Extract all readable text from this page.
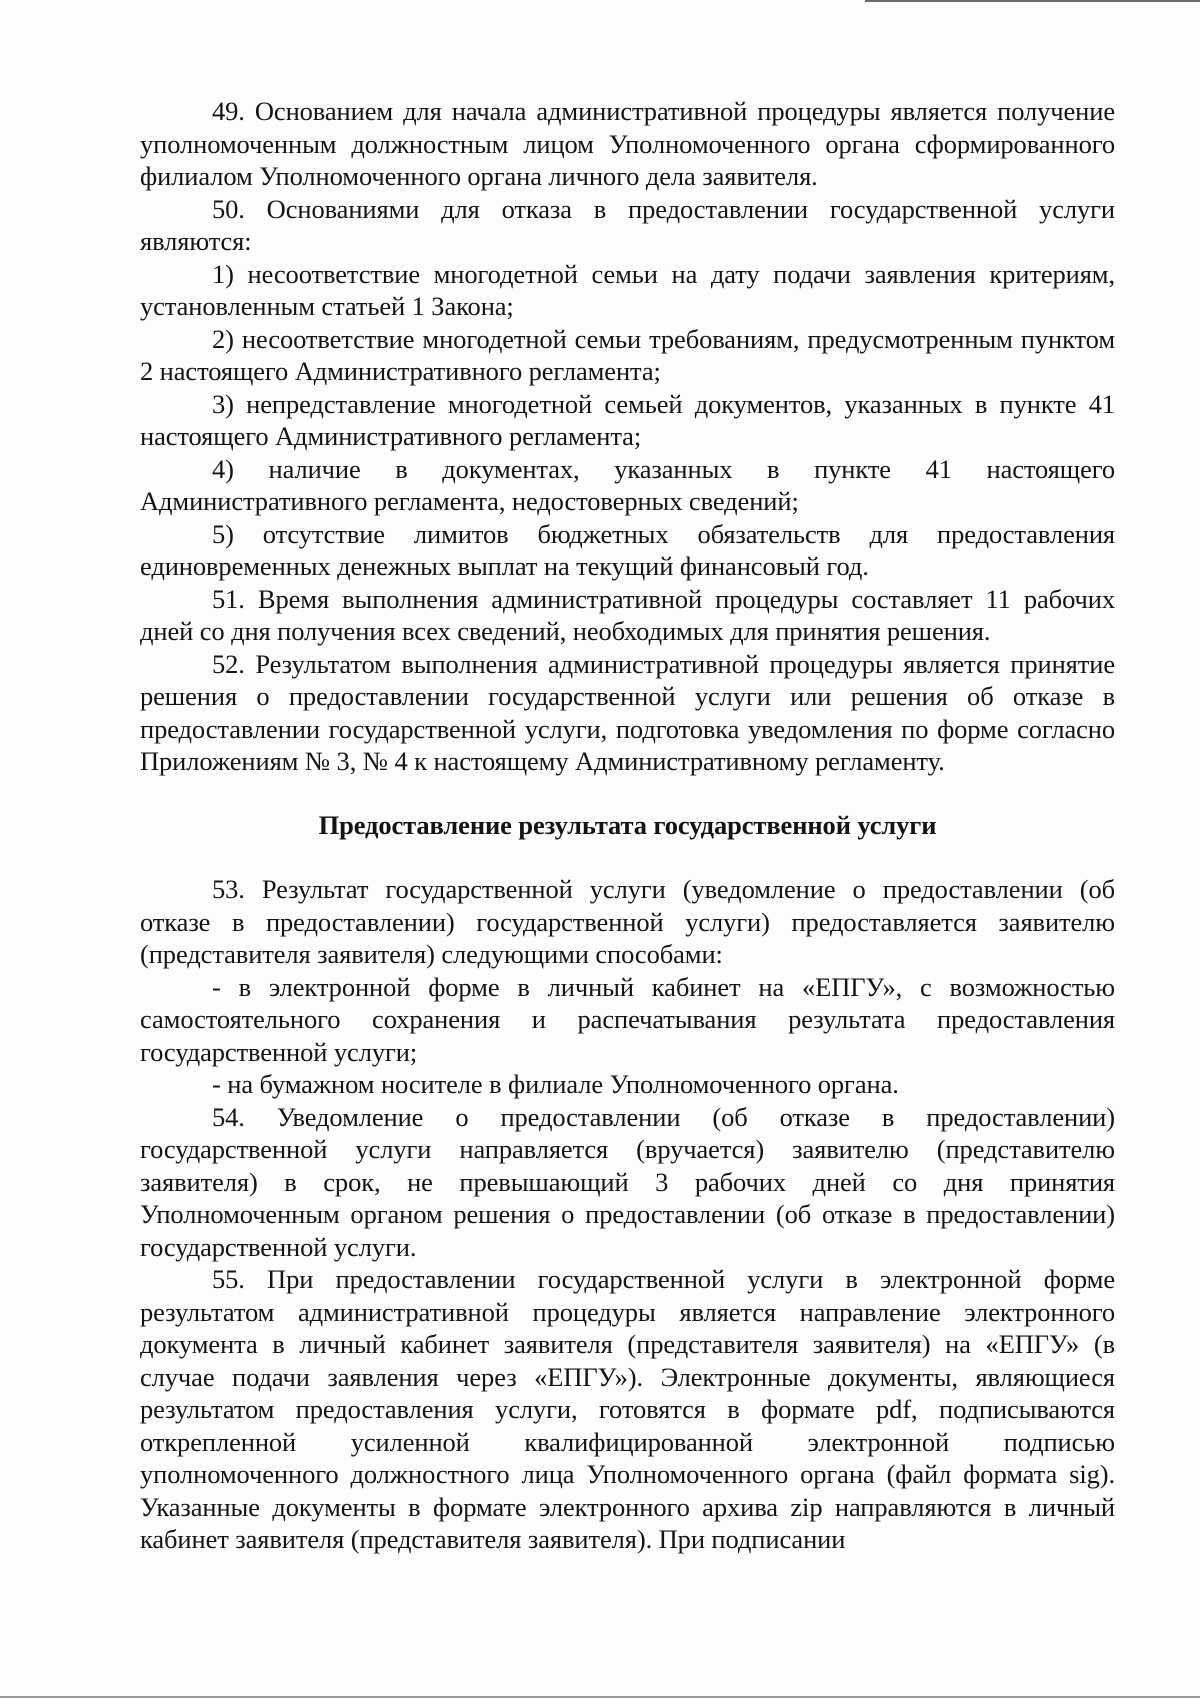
49. Основанием для начала административной процедуры является получение уполномоченным должностным лицом Уполномоченного органа сформированного филиалом Уполномоченного органа личного дела заявителя.

50. Основаниями для отказа в предоставлении государственной услуги являются:

1) несоответствие многодетной семьи на дату подачи заявления критериям, установленным статьей 1 Закона;

2) несоответствие многодетной семьи требованиям, предусмотренным пунктом 2 настоящего Административного регламента;

3) непредставление многодетной семьей документов, указанных в пункте 41 настоящего Административного регламента;

4) наличие в документах, указанных в пункте 41 настоящего Административного регламента, недостоверных сведений;

5) отсутствие лимитов бюджетных обязательств для предоставления единовременных денежных выплат на текущий финансовый год.

51. Время выполнения административной процедуры составляет 11 рабочих дней со дня получения всех сведений, необходимых для принятия решения.

52. Результатом выполнения административной процедуры является принятие решения о предоставлении государственной услуги или решения об отказе в предоставлении государственной услуги, подготовка уведомления по форме согласно Приложениям № 3, № 4 к настоящему Административному регламенту.

Предоставление результата государственной услуги

53. Результат государственной услуги (уведомление о предоставлении (об отказе в предоставлении) государственной услуги) предоставляется заявителю (представителя заявителя) следующими способами:

- в электронной форме в личный кабинет на «ЕПГУ», с возможностью самостоятельного сохранения и распечатывания результата предоставления государственной услуги;

- на бумажном носителе в филиале Уполномоченного органа.

54. Уведомление о предоставлении (об отказе в предоставлении) государственной услуги направляется (вручается) заявителю (представителю заявителя) в срок, не превышающий 3 рабочих дней со дня принятия Уполномоченным органом решения о предоставлении (об отказе в предоставлении) государственной услуги.

55. При предоставлении государственной услуги в электронной форме результатом административной процедуры является направление электронного документа в личный кабинет заявителя (представителя заявителя) на «ЕПГУ» (в случае подачи заявления через «ЕПГУ»). Электронные документы, являющиеся результатом предоставления услуги, готовятся в формате pdf, подписываются открепленной усиленной квалифицированной электронной подписью уполномоченного должностного лица Уполномоченного органа (файл формата sig). Указанные документы в формате электронного архива zip направляются в личный кабинет заявителя (представителя заявителя). При подписании
